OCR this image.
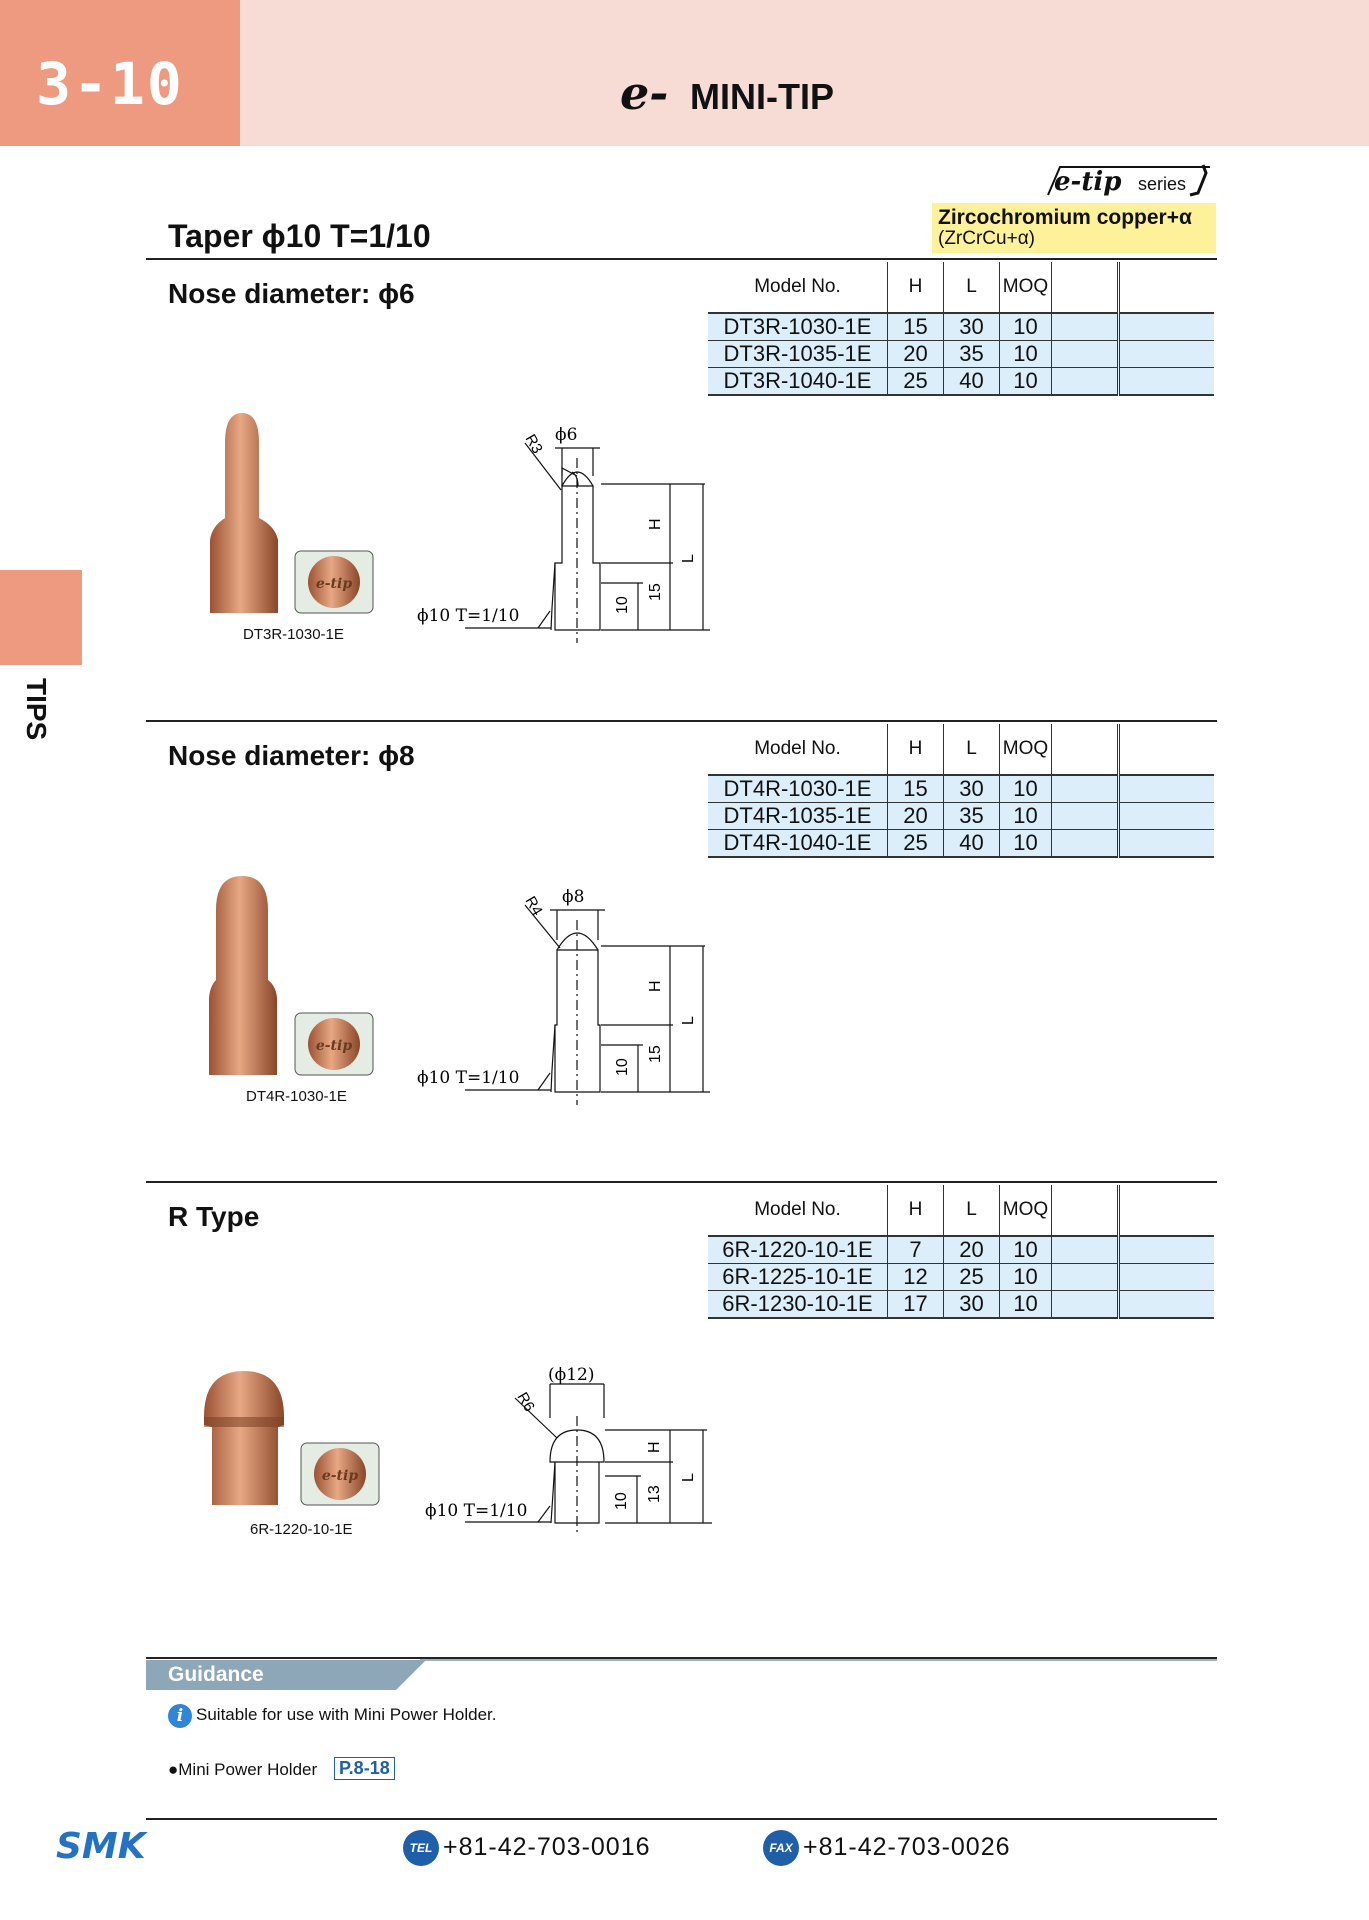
3-10	e- MINI-TIP
TIPS
e-tip series
Zircochromium copper+α
(ZrCrCu+α)
Taper ϕ10 T=1/10
Nose diameter: ϕ6	Model No.	H	L	MOQ		
DT3R-1030-1E	15	30	10		
DT3R-1035-1E	20	35	10		
DT3R-1040-1E	25	40	10		
e-tip
DT3R-1030-1E
ϕ6
R3
ϕ10 T=1/10
10
15
H
L
Nose diameter: ϕ8	Model No.	H	L	MOQ		
DT4R-1030-1E	15	30	10		
DT4R-1035-1E	20	35	10		
DT4R-1040-1E	25	40	10		
e-tip
DT4R-1030-1E
ϕ8
R4
ϕ10 T=1/10
10
15
H
L
R Type	Model No.	H	L	MOQ		
6R-1220-10-1E	7	20	10		
6R-1225-10-1E	12	25	10		
6R-1230-10-1E	17	30	10		
e-tip
6R-1220-10-1E
(ϕ12)
R6
ϕ10 T=1/10	10 13
H
L
Guidance
i Suitable for use with Mini Power Holder.
●Mini Power Holder P.8-18
SMK	TEL +81-42-703-0016	FAX +81-42-703-0026
